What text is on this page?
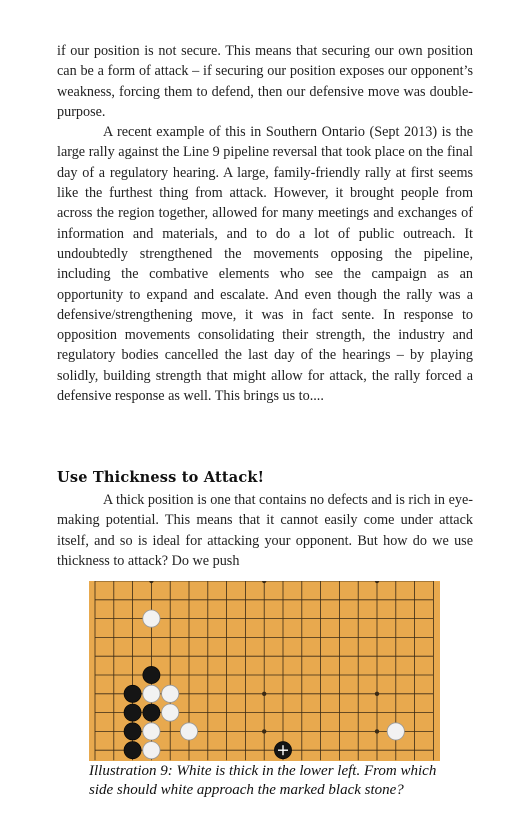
if our position is not secure. This means that securing our own position can be a form of attack – if securing our position exposes our opponent’s weakness, forcing them to defend, then our defensive move was double-purpose.

A recent example of this in Southern Ontario (Sept 2013) is the large rally against the Line 9 pipeline reversal that took place on the final day of a regulatory hearing. A large, family-friendly rally at first seems like the furthest thing from attack. However, it brought people from across the region together, allowed for many meetings and exchanges of information and materials, and to do a lot of public outreach. It undoubtedly strengthened the movements opposing the pipeline, including the combative elements who see the campaign as an opportunity to expand and escalate. And even though the rally was a defensive/strengthening move, it was in fact sente. In response to opposition movements consolidating their strength, the industry and regulatory bodies cancelled the last day of the hearings – by playing solidly, building strength that might allow for attack, the rally forced a defensive response as well. This brings us to....

Use Thickness to Attack!

A thick position is one that contains no defects and is rich in eye-making potential. This means that it cannot easily come under attack itself, and so is ideal for attacking your opponent. But how do we use thickness to attack? Do we push

Illustration 9: White is thick in the lower left. From which side should white approach the marked black stone?
